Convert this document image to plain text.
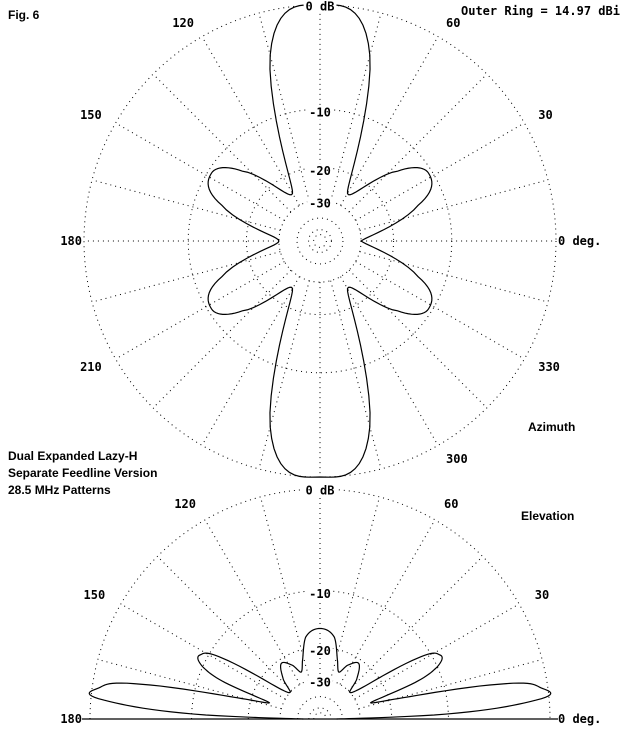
Fig. 6	Outer Ring = 14.97 dBi
0 dB
-10
-20
-30
0 deg.
30
60
120
150
180
210
300
330
0 dB
-10
-20
-30
0 deg.
30
60
120
150
180
Azimuth
Elevation
Dual Expanded Lazy-H
Separate Feedline Version
28.5 MHz Patterns
